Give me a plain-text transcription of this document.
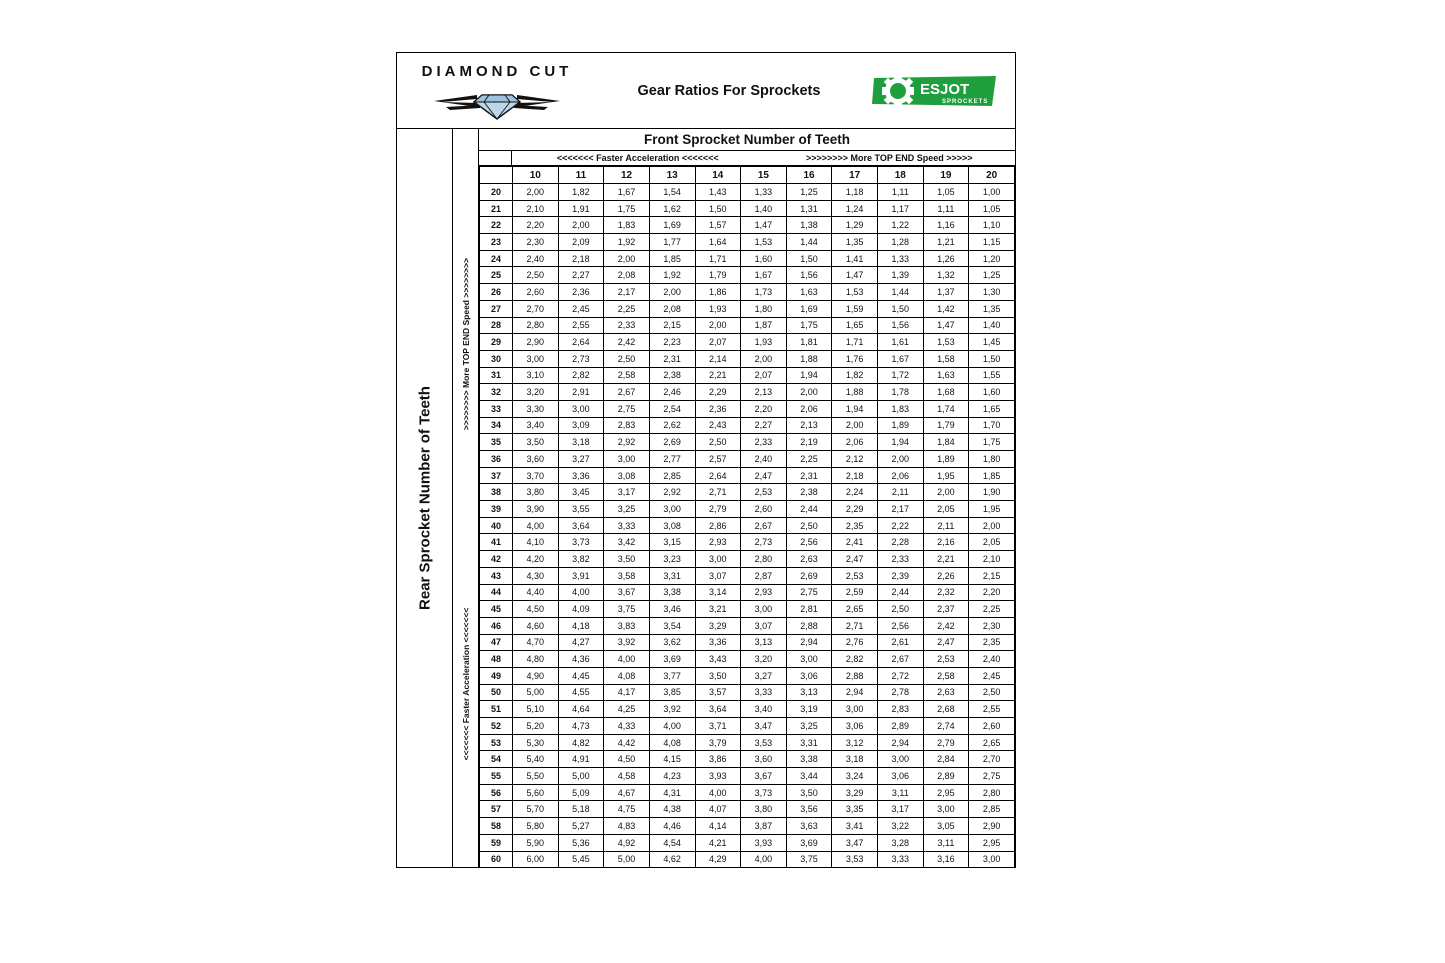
DIAMOND CUT
Gear Ratios For Sprockets	ESJOT
SPROCKETS
Rear Sprocket Number of Teeth
>>>>>>>> More TOP END Speed >>>>>>>>
<<<<<<< Faster Acceleration <<<<<<<
Front Sprocket Number of Teeth
<<<<<<< Faster Acceleration <<<<<<<	>>>>>>>> More TOP END Speed >>>>>
	10	11	12	13	14	15	16	17	18	19	20
20	2,00	1,82	1,67	1,54	1,43	1,33	1,25	1,18	1,11	1,05	1,00
21	2,10	1,91	1,75	1,62	1,50	1,40	1,31	1,24	1,17	1,11	1,05
22	2,20	2,00	1,83	1,69	1,57	1,47	1,38	1,29	1,22	1,16	1,10
23	2,30	2,09	1,92	1,77	1,64	1,53	1,44	1,35	1,28	1,21	1,15
24	2,40	2,18	2,00	1,85	1,71	1,60	1,50	1,41	1,33	1,26	1,20
25	2,50	2,27	2,08	1,92	1,79	1,67	1,56	1,47	1,39	1,32	1,25
26	2,60	2,36	2,17	2,00	1,86	1,73	1,63	1,53	1,44	1,37	1,30
27	2,70	2,45	2,25	2,08	1,93	1,80	1,69	1,59	1,50	1,42	1,35
28	2,80	2,55	2,33	2,15	2,00	1,87	1,75	1,65	1,56	1,47	1,40
29	2,90	2,64	2,42	2,23	2,07	1,93	1,81	1,71	1,61	1,53	1,45
30	3,00	2,73	2,50	2,31	2,14	2,00	1,88	1,76	1,67	1,58	1,50
31	3,10	2,82	2,58	2,38	2,21	2,07	1,94	1,82	1,72	1,63	1,55
32	3,20	2,91	2,67	2,46	2,29	2,13	2,00	1,88	1,78	1,68	1,60
33	3,30	3,00	2,75	2,54	2,36	2,20	2,06	1,94	1,83	1,74	1,65
34	3,40	3,09	2,83	2,62	2,43	2,27	2,13	2,00	1,89	1,79	1,70
35	3,50	3,18	2,92	2,69	2,50	2,33	2,19	2,06	1,94	1,84	1,75
36	3,60	3,27	3,00	2,77	2,57	2,40	2,25	2,12	2,00	1,89	1,80
37	3,70	3,36	3,08	2,85	2,64	2,47	2,31	2,18	2,06	1,95	1,85
38	3,80	3,45	3,17	2,92	2,71	2,53	2,38	2,24	2,11	2,00	1,90
39	3,90	3,55	3,25	3,00	2,79	2,60	2,44	2,29	2,17	2,05	1,95
40	4,00	3,64	3,33	3,08	2,86	2,67	2,50	2,35	2,22	2,11	2,00
41	4,10	3,73	3,42	3,15	2,93	2,73	2,56	2,41	2,28	2,16	2,05
42	4,20	3,82	3,50	3,23	3,00	2,80	2,63	2,47	2,33	2,21	2,10
43	4,30	3,91	3,58	3,31	3,07	2,87	2,69	2,53	2,39	2,26	2,15
44	4,40	4,00	3,67	3,38	3,14	2,93	2,75	2,59	2,44	2,32	2,20
45	4,50	4,09	3,75	3,46	3,21	3,00	2,81	2,65	2,50	2,37	2,25
46	4,60	4,18	3,83	3,54	3,29	3,07	2,88	2,71	2,56	2,42	2,30
47	4,70	4,27	3,92	3,62	3,36	3,13	2,94	2,76	2,61	2,47	2,35
48	4,80	4,36	4,00	3,69	3,43	3,20	3,00	2,82	2,67	2,53	2,40
49	4,90	4,45	4,08	3,77	3,50	3,27	3,06	2,88	2,72	2,58	2,45
50	5,00	4,55	4,17	3,85	3,57	3,33	3,13	2,94	2,78	2,63	2,50
51	5,10	4,64	4,25	3,92	3,64	3,40	3,19	3,00	2,83	2,68	2,55
52	5,20	4,73	4,33	4,00	3,71	3,47	3,25	3,06	2,89	2,74	2,60
53	5,30	4,82	4,42	4,08	3,79	3,53	3,31	3,12	2,94	2,79	2,65
54	5,40	4,91	4,50	4,15	3,86	3,60	3,38	3,18	3,00	2,84	2,70
55	5,50	5,00	4,58	4,23	3,93	3,67	3,44	3,24	3,06	2,89	2,75
56	5,60	5,09	4,67	4,31	4,00	3,73	3,50	3,29	3,11	2,95	2,80
57	5,70	5,18	4,75	4,38	4,07	3,80	3,56	3,35	3,17	3,00	2,85
58	5,80	5,27	4,83	4,46	4,14	3,87	3,63	3,41	3,22	3,05	2,90
59	5,90	5,36	4,92	4,54	4,21	3,93	3,69	3,47	3,28	3,11	2,95
60	6,00	5,45	5,00	4,62	4,29	4,00	3,75	3,53	3,33	3,16	3,00
